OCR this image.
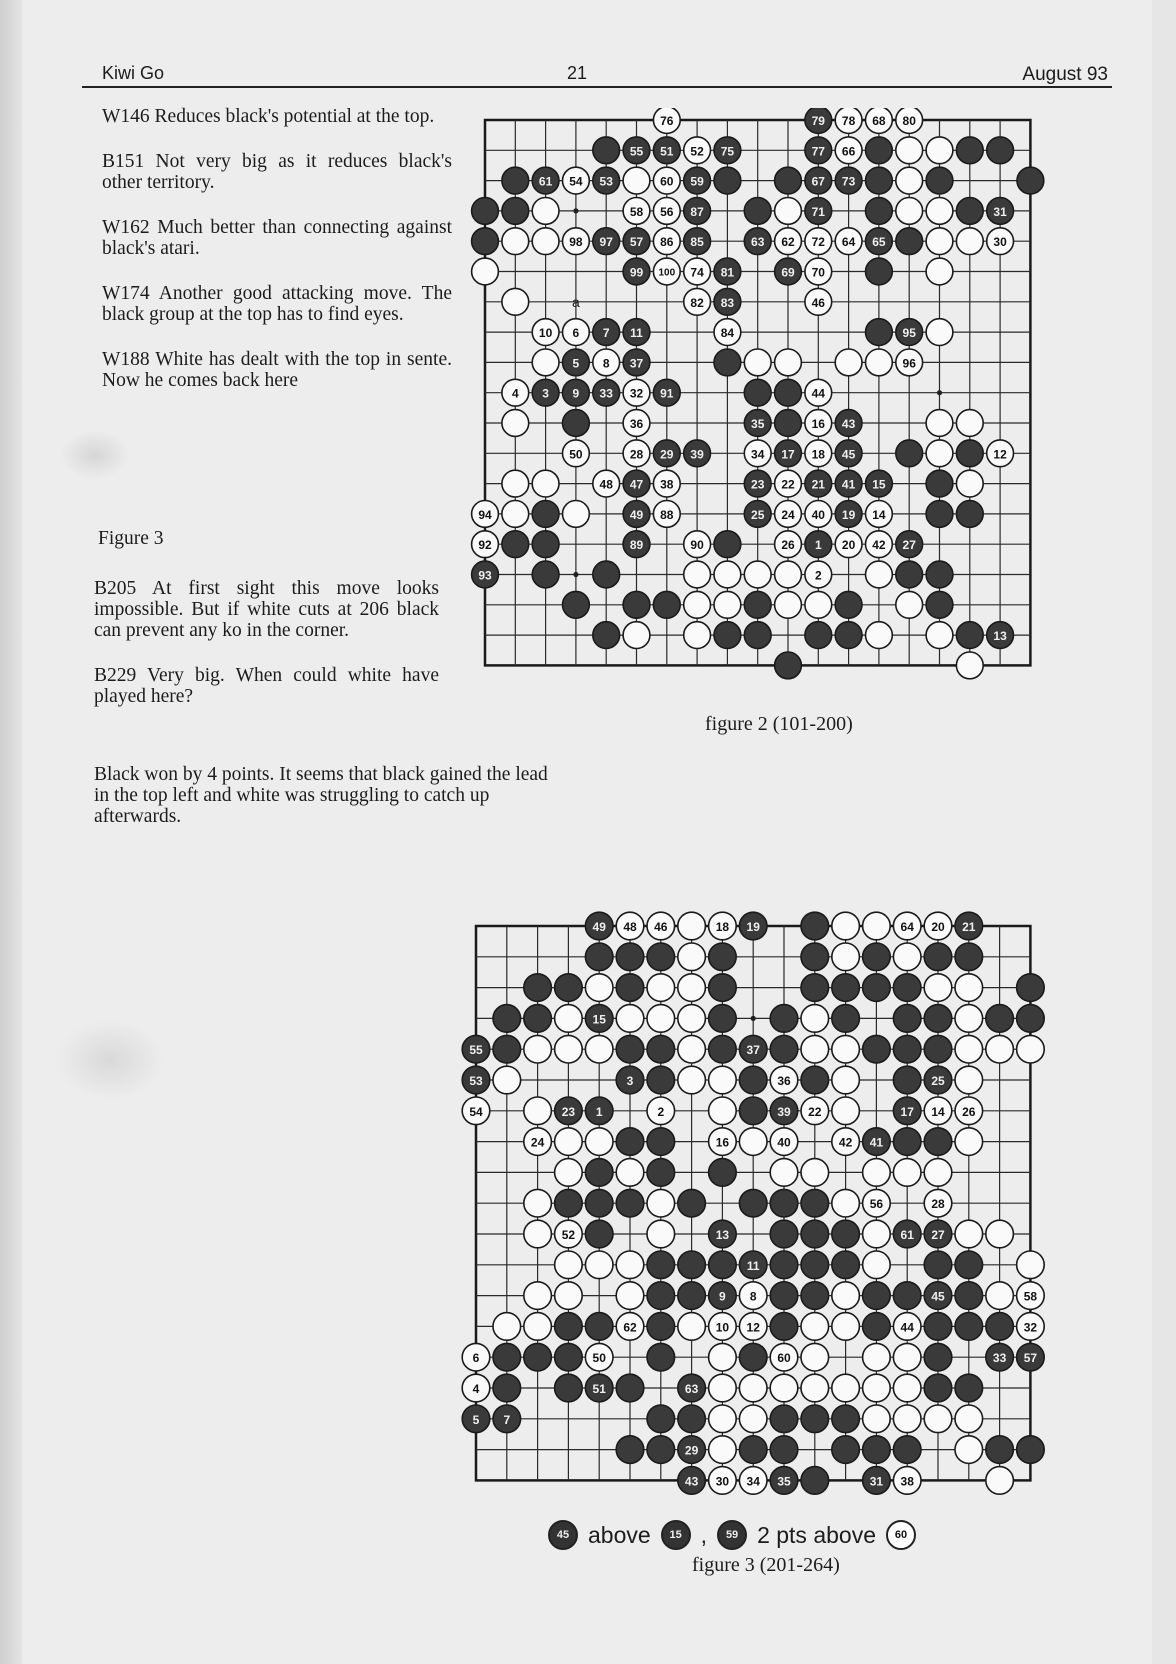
Kiwi Go	21	August 93

W146 Reduces black's potential at the top.

B151 Not very big as it reduces black's other territory.

W162 Much better than connecting against black's atari.

W174 Another good attacking move. The black group at the top has to find eyes.

W188 White has dealt with the top in sente. Now he comes back here

Figure 3

B205 At first sight this move looks impossible. But if white cuts at 206 black can prevent any ko in the corner.

B229 Very big. When could white have played here?

Black won by 4 points. It seems that black gained the lead in the top left and white was struggling to catch up afterwards.
76	79 78 68 80
55 51 52 75	77 66
61 54 53	60 59	67 73
58 56 87	71	31
98 97 57 86 85	63 62 72 64 65	30
99 100 74 81	69 70
a	82 83	46
10 6 7 11	84	95
5 8 37	96
4 3 9 33 32 91	44
36	35	16 43
50	28 29 39	34 17 18 45	12
48 47 38	23 22 21 41 15
94	49 88	25 24 40 19 14
92	89	90	26 1 20 42 27
93	2
13
figure 2 (101-200)
49 48 46	18 19	64 20 21
15
55	37
53	3	36	25
54	23 1	2	39 22	17 14 26
24	16	40	42 41
56	28
52	13	61 27
11
9 8	45	58
62	10 12	44	32
6	50	60	33 57
4	51	63
5 7
29
43 30 34 35	31 38
45 above	15 ,	59 2 pts above	60
figure 3 (201-264)
